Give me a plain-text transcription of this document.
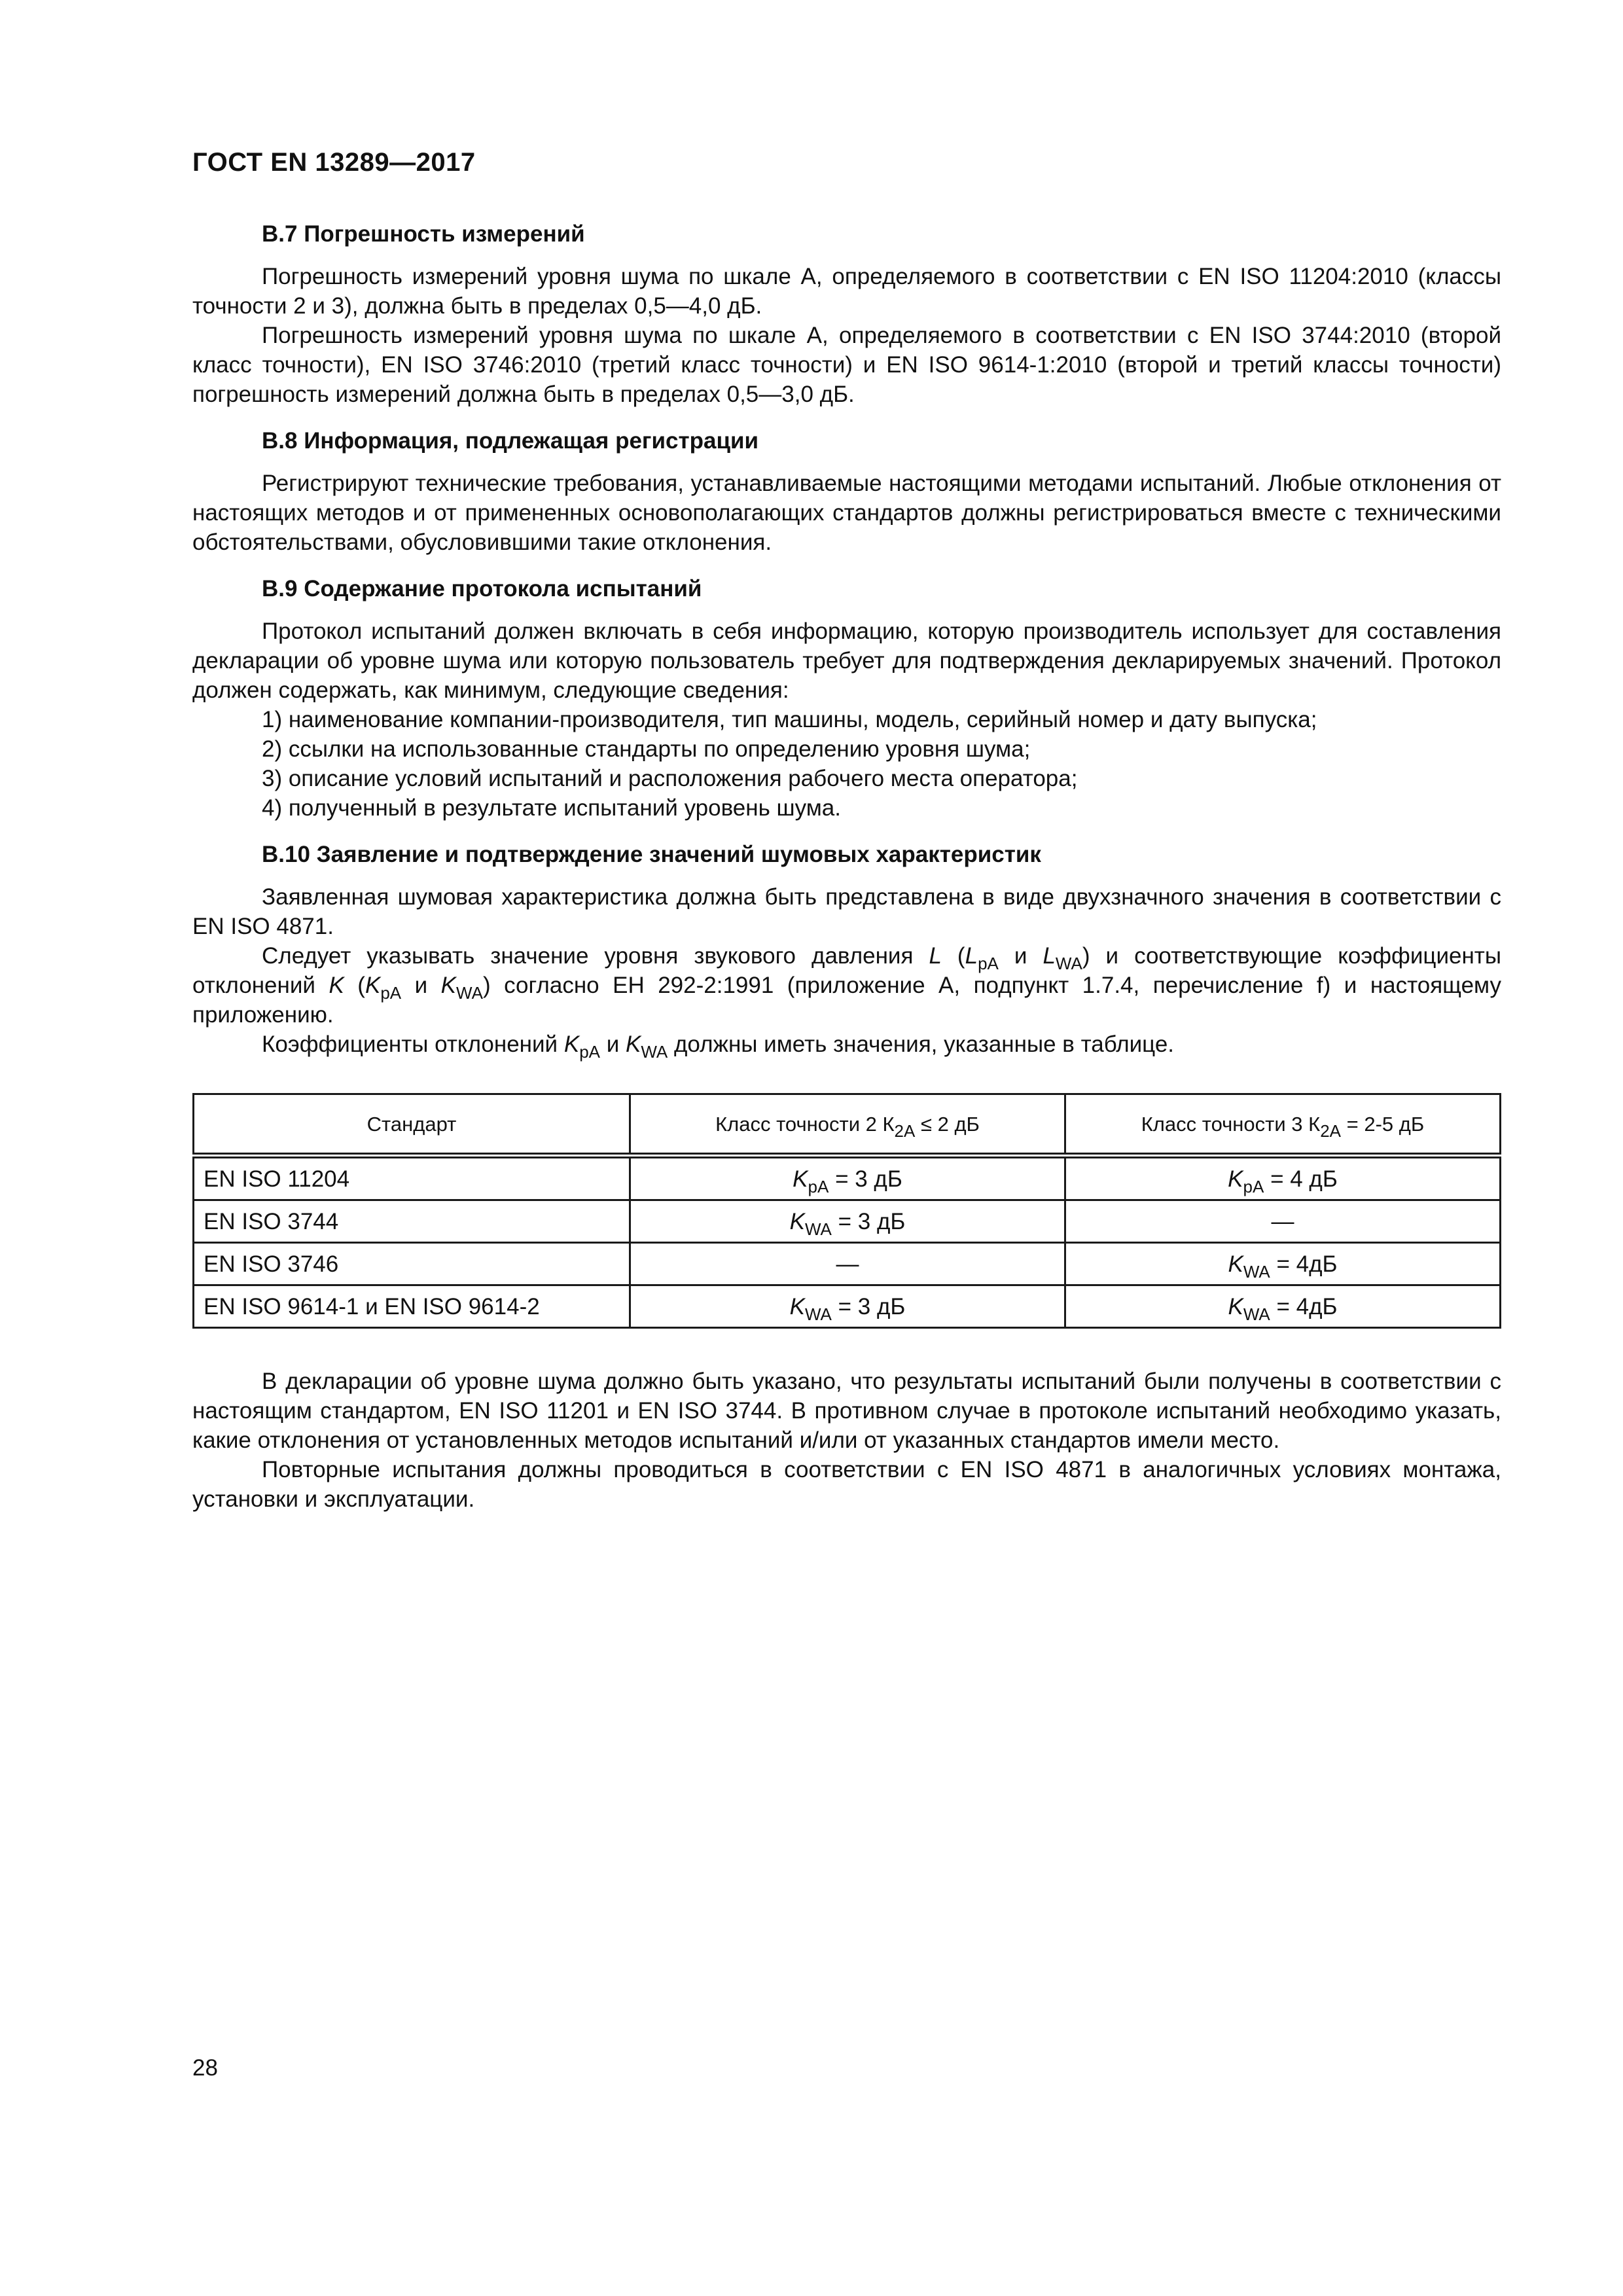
ГОСТ EN 13289—2017

В.7 Погрешность измерений

Погрешность измерений уровня шума по шкале А, определяемого в соответствии с EN ISO 11204:2010 (классы точности 2 и 3), должна быть в пределах 0,5—4,0 дБ.

Погрешность измерений уровня шума по шкале А, определяемого в соответствии с EN ISO 3744:2010 (второй класс точности), EN ISO 3746:2010 (третий класс точности) и EN ISO 9614-1:2010 (второй и третий классы точности) погрешность измерений должна быть в пределах 0,5—3,0 дБ.

В.8 Информация, подлежащая регистрации

Регистрируют технические требования, устанавливаемые настоящими методами испытаний. Любые отклонения от настоящих методов и от примененных основополагающих стандартов должны регистрироваться вместе с техническими обстоятельствами, обусловившими такие отклонения.

В.9 Содержание протокола испытаний

Протокол испытаний должен включать в себя информацию, которую производитель использует для составления декларации об уровне шума или которую пользователь требует для подтверждения декларируемых значений. Протокол должен содержать, как минимум, следующие сведения:

1) наименование компании-производителя, тип машины, модель, серийный номер и дату выпуска;

2) ссылки на использованные стандарты по определению уровня шума;

3) описание условий испытаний и расположения рабочего места оператора;

4) полученный в результате испытаний уровень шума.

В.10 Заявление и подтверждение значений шумовых характеристик

Заявленная шумовая характеристика должна быть представлена в виде двухзначного значения в соответствии с EN ISO 4871.

Следует указывать значение уровня звукового давления L ($L_{pA}$ и $L_{WA}$) и соответствующие коэффициенты отклонений K ($K_{pA}$ и $K_{WA}$) согласно ЕН 292-2:1991 (приложение А, подпункт 1.7.4, перечисление f) и настоящему приложению.

Коэффициенты отклонений $K_{pA}$ и $K_{WA}$ должны иметь значения, указанные в таблице.

Стандарт	Класс точности 2 $К_{2А} \le 2$ дБ	Класс точности 3 $К_{2А} = 2-5$ дБ
EN ISO 11204	$K_{pA} = 3$ дБ	$K_{pA} = 4$ дБ
EN ISO 3744	$K_{WA} = 3$ дБ	—
EN ISO 3746	—	$K_{WA} = 4дБ$
EN ISO 9614-1 и EN ISO 9614-2	$K_{WA} = 3$ дБ	$K_{WA} = 4дБ$

В декларации об уровне шума должно быть указано, что результаты испытаний были получены в соответствии с настоящим стандартом, EN ISO 11201 и EN ISO 3744. В противном случае в протоколе испытаний необходимо указать, какие отклонения от установленных методов испытаний и/или от указанных стандартов имели место.

Повторные испытания должны проводиться в соответствии с EN ISO 4871 в аналогичных условиях монтажа, установки и эксплуатации.

28
